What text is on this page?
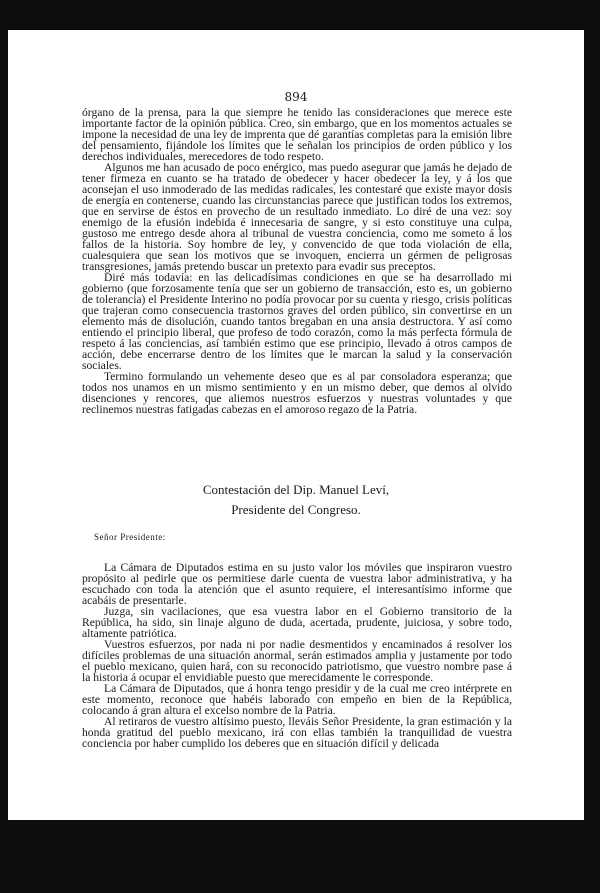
894

órgano de la prensa, para la que siempre he tenido las consideraciones que merece este importante factor de la opinión pública. Creo, sin embargo, que en los momentos actuales se impone la necesidad de una ley de imprenta que dé garantías completas para la emisión libre del pensamiento, fijándole los límites que le señalan los principios de orden público y los derechos individuales, merecedores de todo respeto.

Algunos me han acusado de poco enérgico, mas puedo asegurar que jamás he dejado de tener firmeza en cuanto se ha tratado de obedecer y hacer obedecer la ley, y á los que aconsejan el uso inmoderado de las medidas radicales, les contestaré que existe mayor dosis de energía en contenerse, cuando las circunstancias parece que justifican todos los extremos, que en servirse de éstos en provecho de un resultado inmediato. Lo diré de una vez: soy enemigo de la efusión indebida é innecesaria de sangre, y si esto constituye una culpa, gustoso me entrego desde ahora al tribunal de vuestra conciencia, como me someto á los fallos de la historia. Soy hombre de ley, y convencido de que toda violación de ella, cualesquiera que sean los motivos que se invoquen, encierra un gérmen de peligrosas transgresiones, jamás pretendo buscar un pretexto para evadir sus preceptos.

Diré más todavía: en las delicadísimas condiciones en que se ha desarrollado mi gobierno (que forzosamente tenía que ser un gobierno de transacción, esto es, un gobierno de tolerancia) el Presidente Interino no podía provocar por su cuenta y riesgo, crisis políticas que trajeran como consecuencia trastornos graves del orden público, sin convertirse en un elemento más de disolución, cuando tantos bregaban en una ansia destructora. Y así como entiendo el principio liberal, que profeso de todo corazón, como la más perfecta fórmula de respeto á las conciencias, así también estimo que ese principio, llevado á otros campos de acción, debe encerrarse dentro de los límites que le marcan la salud y la conservación sociales.

Termino formulando un vehemente deseo que es al par consoladora esperanza; que todos nos unamos en un mismo sentimiento y en un mismo deber, que demos al olvido disenciones y rencores, que aliemos nuestros esfuerzos y nuestras voluntades y que reclinemos nuestras fatigadas cabezas en el amoroso regazo de la Patria.

Contestación del Dip. Manuel Leví,
Presidente del Congreso.
Señor Presidente:

La Cámara de Diputados estima en su justo valor los móviles que inspiraron vuestro propósito al pedirle que os permitiese darle cuenta de vuestra labor administrativa, y ha escuchado con toda la atención que el asunto requiere, el interesantísimo informe que acabáis de presentarle.

Juzga, sin vacilaciones, que esa vuestra labor en el Gobierno transitorio de la República, ha sido, sin linaje alguno de duda, acertada, prudente, juiciosa, y sobre todo, altamente patriótica.

Vuestros esfuerzos, por nada ni por nadie desmentidos y encaminados á resolver los difíciles problemas de una situación anormal, serán estimados amplia y justamente por todo el pueblo mexicano, quien hará, con su reconocido patriotismo, que vuestro nombre pase á la historia á ocupar el envidiable puesto que merecidamente le corresponde.

La Cámara de Diputados, que á honra tengo presidir y de la cual me creo intérprete en este momento, reconoce que habéis laborado con empeño en bien de la República, colocando á gran altura el excelso nombre de la Patria.

Al retiraros de vuestro altísimo puesto, lleváis Señor Presidente, la gran estimación y la honda gratitud del pueblo mexicano, irá con ellas también la tranquilidad de vuestra conciencia por haber cumplido los deberes que en situación difícil y delicada
